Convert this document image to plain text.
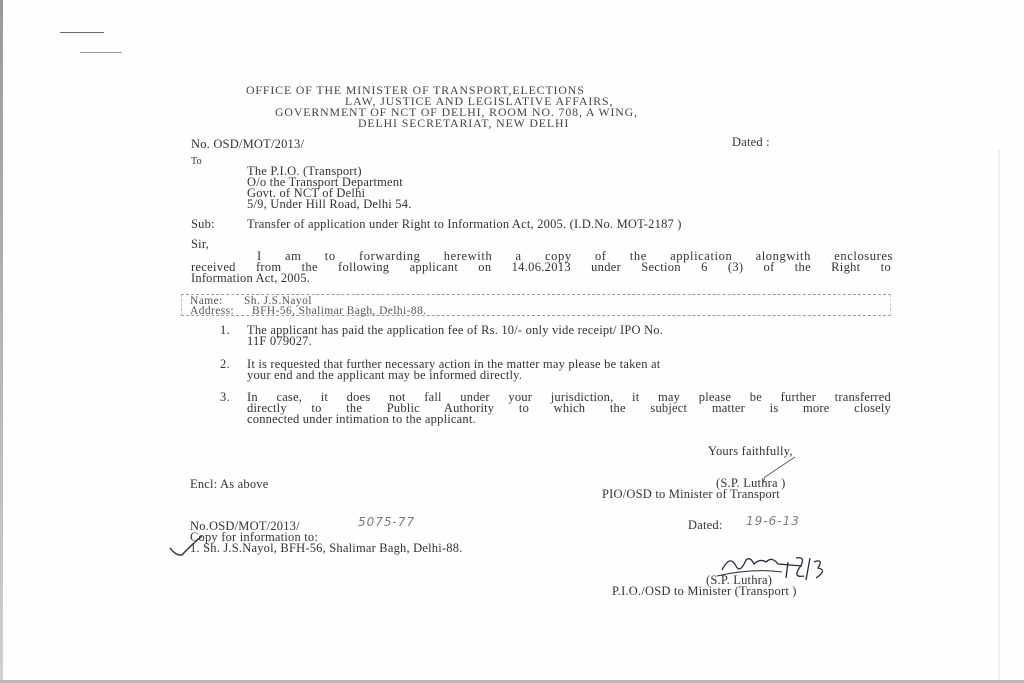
OFFICE OF THE MINISTER OF TRANSPORT,ELECTIONS
LAW, JUSTICE AND LEGISLATIVE AFFAIRS,
GOVERNMENT OF NCT OF DELHI, ROOM NO. 708, A WING,
DELHI SECRETARIAT, NEW DELHI
No. OSD/MOT/2013/	Dated :
To
The P.I.O. (Transport)
O/o the Transport Department
Govt. of NCT of Delhi
5/9, Under Hill Road, Delhi 54.
Sub:	Transfer of application under Right to Information Act, 2005. (I.D.No. MOT-2187 )
Sir,
I am to forwarding herewith a copy of the application alongwith enclosures
received from the following applicant on 14.06.2013 under Section 6 (3) of the Right to
Information Act, 2005.
Name: Sh. J.S.Nayol
Address: BFH-56, Shalimar Bagh, Delhi-88.
1. The applicant has paid the application fee of Rs. 10/- only vide receipt/ IPO No.
11F 079027.
2. It is requested that further necessary action in the matter may please be taken at
your end and the applicant may be informed directly.
3. In case, it does not fall under your jurisdiction, it may please be further transferred
directly to the Public Authority to which the subject matter is more closely
connected under intimation to the applicant.
Yours faithfully,
(S.P. Luthra )
PIO/OSD to Minister of Transport
Encl: As above
No.OSD/MOT/2013/	5075-77	Dated: 19-6-13
Copy for information to:
1. Sh. J.S.Nayol, BFH-56, Shalimar Bagh, Delhi-88.
(S.P. Luthra)
P.I.O./OSD to Minister (Transport )
